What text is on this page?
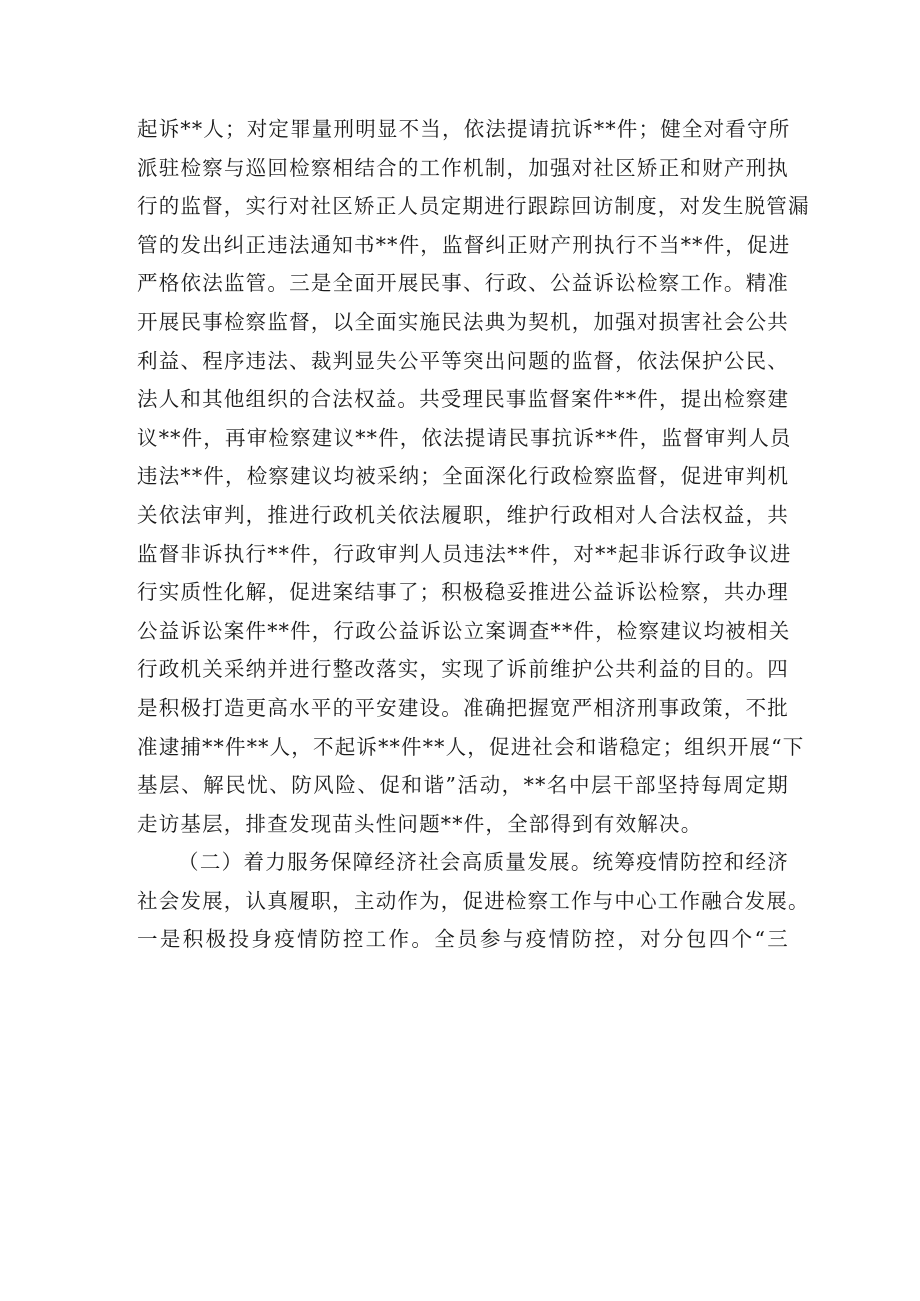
起诉**人；对定罪量刑明显不当，依法提请抗诉**件；健全对看守所
派驻检察与巡回检察相结合的工作机制，加强对社区矫正和财产刑执
行的监督，实行对社区矫正人员定期进行跟踪回访制度，对发生脱管漏
管的发出纠正违法通知书**件，监督纠正财产刑执行不当**件，促进
严格依法监管。三是全面开展民事、行政、公益诉讼检察工作。精准
开展民事检察监督，以全面实施民法典为契机，加强对损害社会公共
利益、程序违法、裁判显失公平等突出问题的监督，依法保护公民、
法人和其他组织的合法权益。共受理民事监督案件**件，提出检察建
议**件，再审检察建议**件，依法提请民事抗诉**件，监督审判人员
违法**件，检察建议均被采纳；全面深化行政检察监督，促进审判机
关依法审判，推进行政机关依法履职，维护行政相对人合法权益，共
监督非诉执行**件，行政审判人员违法**件，对**起非诉行政争议进
行实质性化解，促进案结事了；积极稳妥推进公益诉讼检察，共办理
公益诉讼案件**件，行政公益诉讼立案调查**件，检察建议均被相关
行政机关采纳并进行整改落实，实现了诉前维护公共利益的目的。四
是积极打造更高水平的平安建设。准确把握宽严相济刑事政策，不批
准逮捕**件**人，不起诉**件**人，促进社会和谐稳定；组织开展“下
基层、解民忧、防风险、促和谐”活动，**名中层干部坚持每周定期
走访基层，排查发现苗头性问题**件，全部得到有效解决。
（二）着力服务保障经济社会高质量发展。统筹疫情防控和经济
社会发展，认真履职，主动作为，促进检察工作与中心工作融合发展。
一是积极投身疫情防控工作。全员参与疫情防控，对分包四个“三
